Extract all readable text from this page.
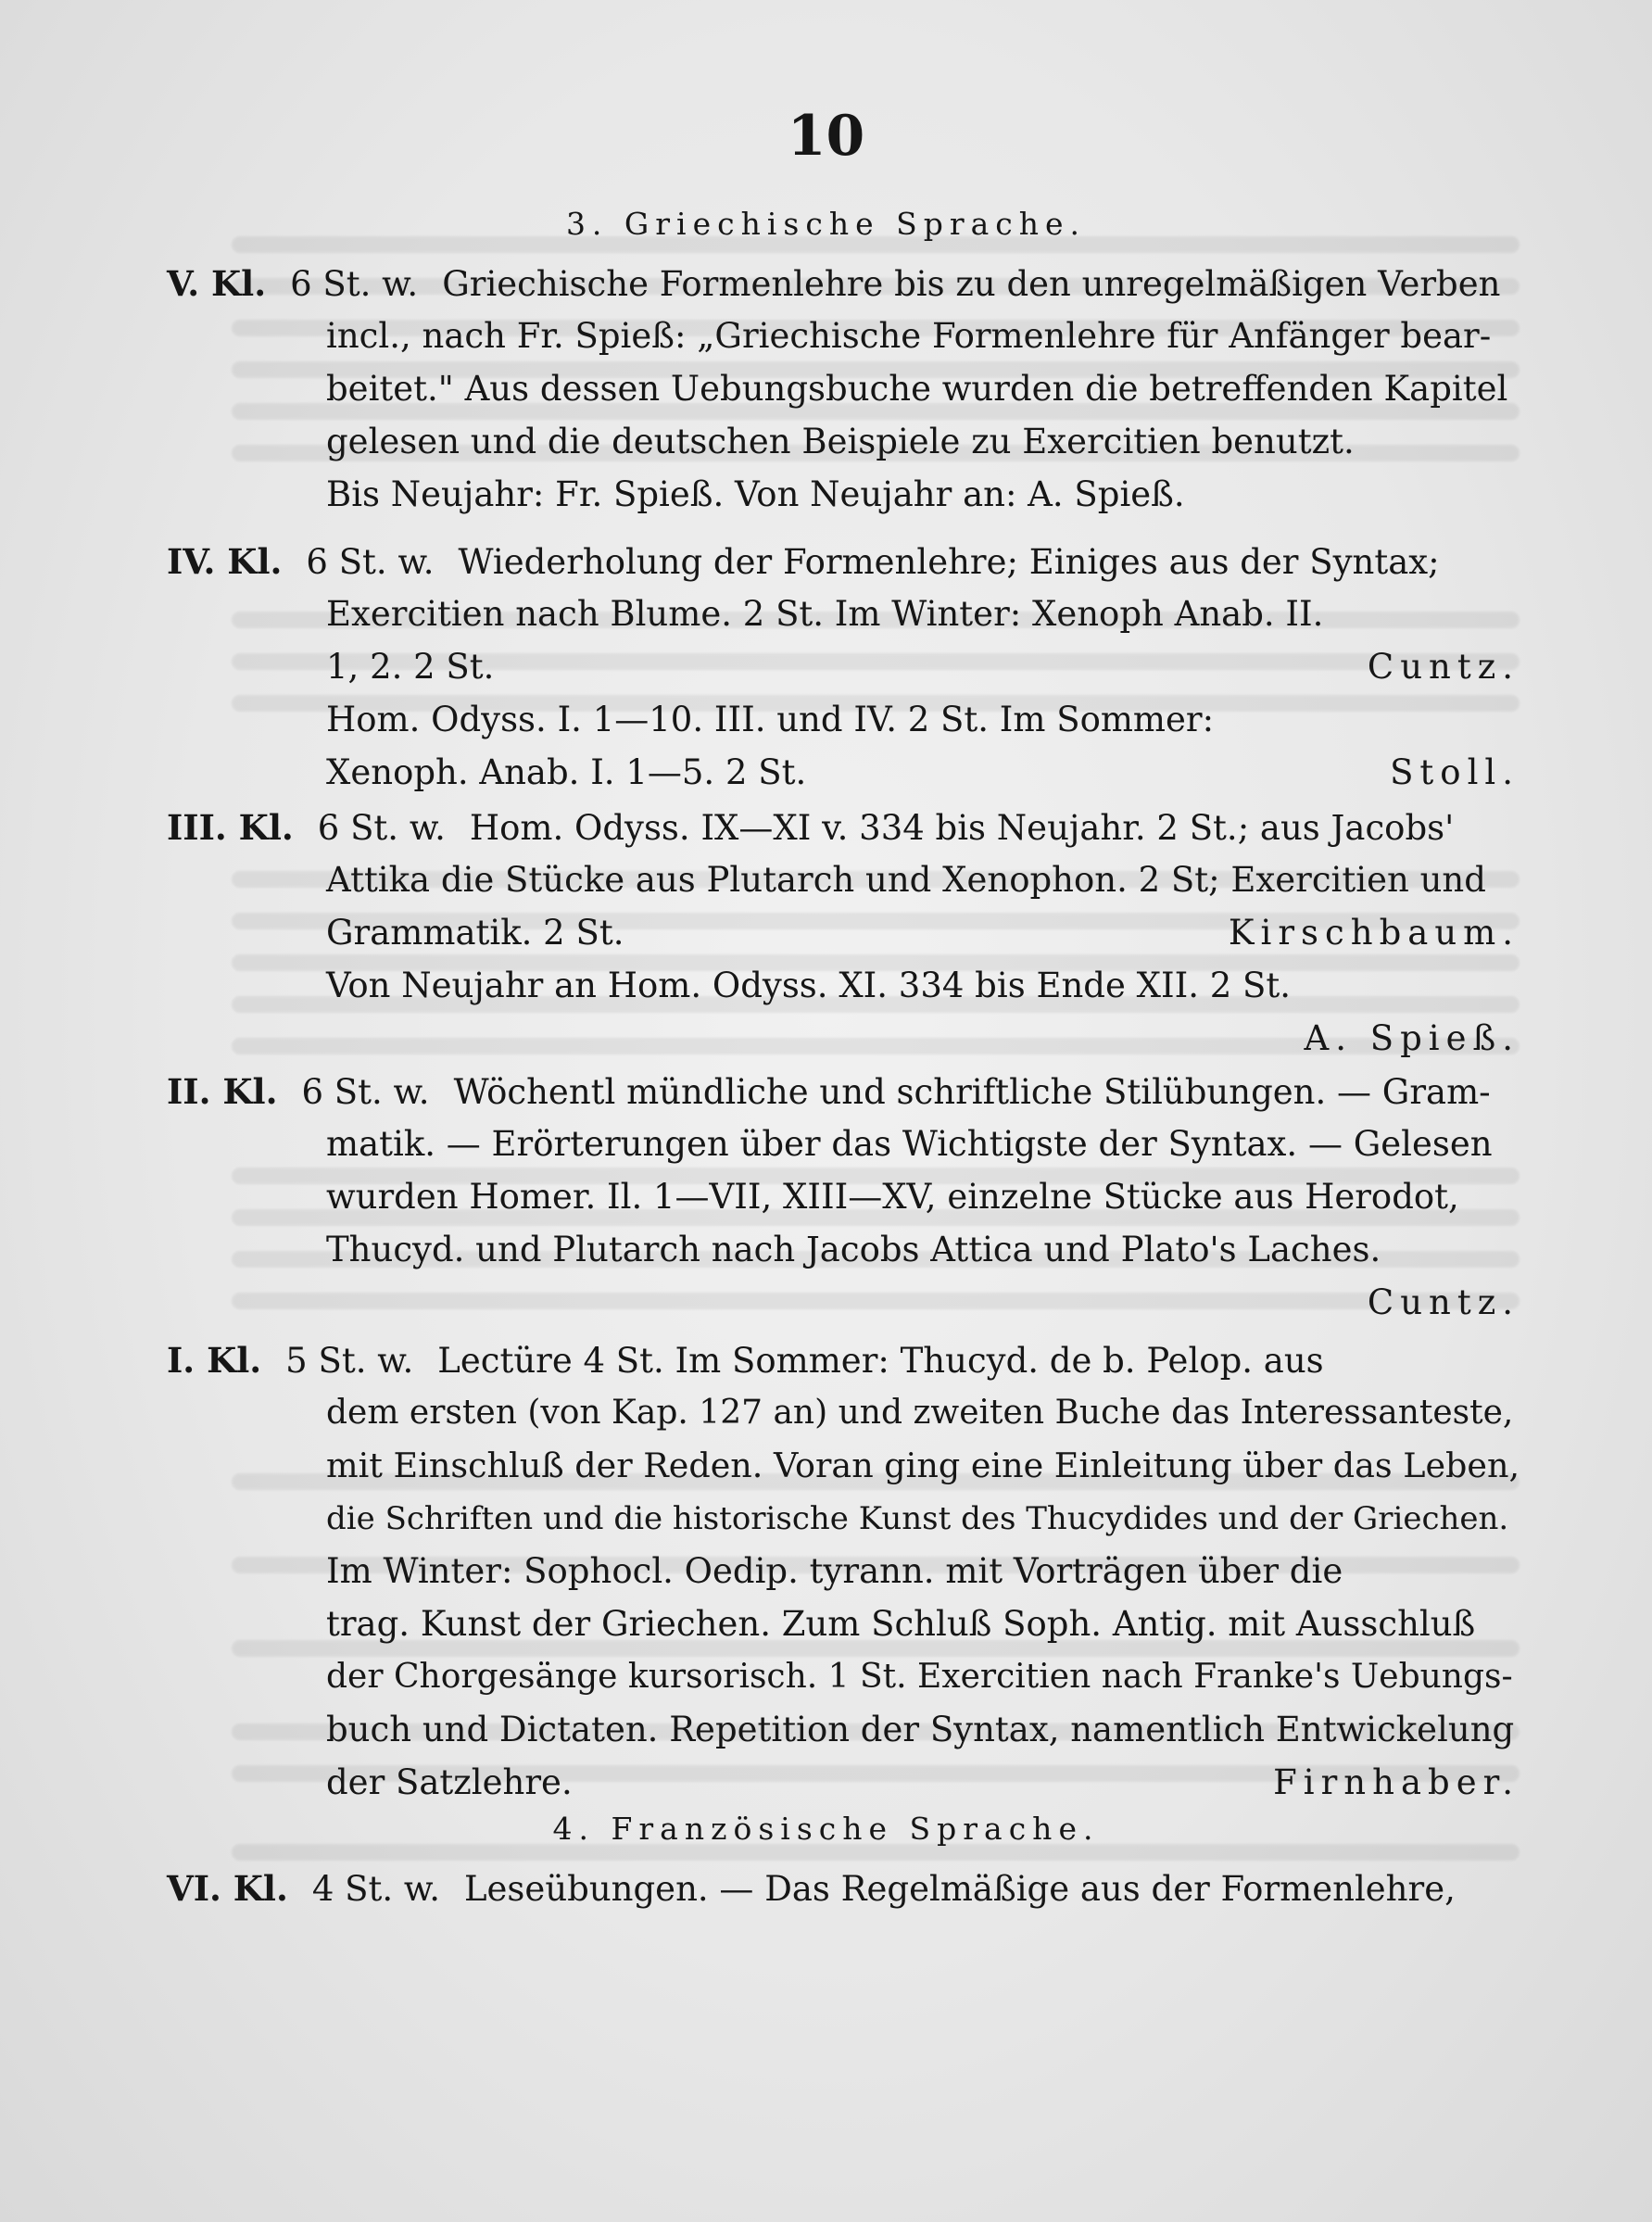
10
3. Griechische Sprache.
V. Kl. 6 St. w. Griechische Formenlehre bis zu den unregelmäßigen Verben
incl., nach Fr. Spieß: „Griechische Formenlehre für Anfänger bear-
beitet." Aus dessen Uebungsbuche wurden die betreffenden Kapitel
gelesen und die deutschen Beispiele zu Exercitien benutzt.
Bis Neujahr: Fr. Spieß. Von Neujahr an: A. Spieß.
IV. Kl. 6 St. w. Wiederholung der Formenlehre; Einiges aus der Syntax;
Exercitien nach Blume. 2 St. Im Winter: Xenoph Anab. II.
1, 2. 2 St.	Cuntz.
Hom. Odyss. I. 1—10. III. und IV. 2 St. Im Sommer:
Xenoph. Anab. I. 1—5. 2 St.	Stoll.
III. Kl. 6 St. w. Hom. Odyss. IX—XI v. 334 bis Neujahr. 2 St.; aus Jacobs'
Attika die Stücke aus Plutarch und Xenophon. 2 St; Exercitien und
Grammatik. 2 St.	Kirschbaum.
Von Neujahr an Hom. Odyss. XI. 334 bis Ende XII. 2 St.
A. Spieß.
II. Kl. 6 St. w. Wöchentl mündliche und schriftliche Stilübungen. — Gram-
matik. — Erörterungen über das Wichtigste der Syntax. — Gelesen
wurden Homer. Il. 1—VII, XIII—XV, einzelne Stücke aus Herodot,
Thucyd. und Plutarch nach Jacobs Attica und Plato's Laches.
Cuntz.
I. Kl. 5 St. w. Lectüre 4 St. Im Sommer: Thucyd. de b. Pelop. aus
dem ersten (von Kap. 127 an) und zweiten Buche das Interessanteste,
mit Einschluß der Reden. Voran ging eine Einleitung über das Leben,
die Schriften und die historische Kunst des Thucydides und der Griechen.
Im Winter: Sophocl. Oedip. tyrann. mit Vorträgen über die
trag. Kunst der Griechen. Zum Schluß Soph. Antig. mit Ausschluß
der Chorgesänge kursorisch. 1 St. Exercitien nach Franke's Uebungs-
buch und Dictaten. Repetition der Syntax, namentlich Entwickelung
der Satzlehre.	Firnhaber.
4. Französische Sprache.
VI. Kl. 4 St. w. Leseübungen. — Das Regelmäßige aus der Formenlehre,
